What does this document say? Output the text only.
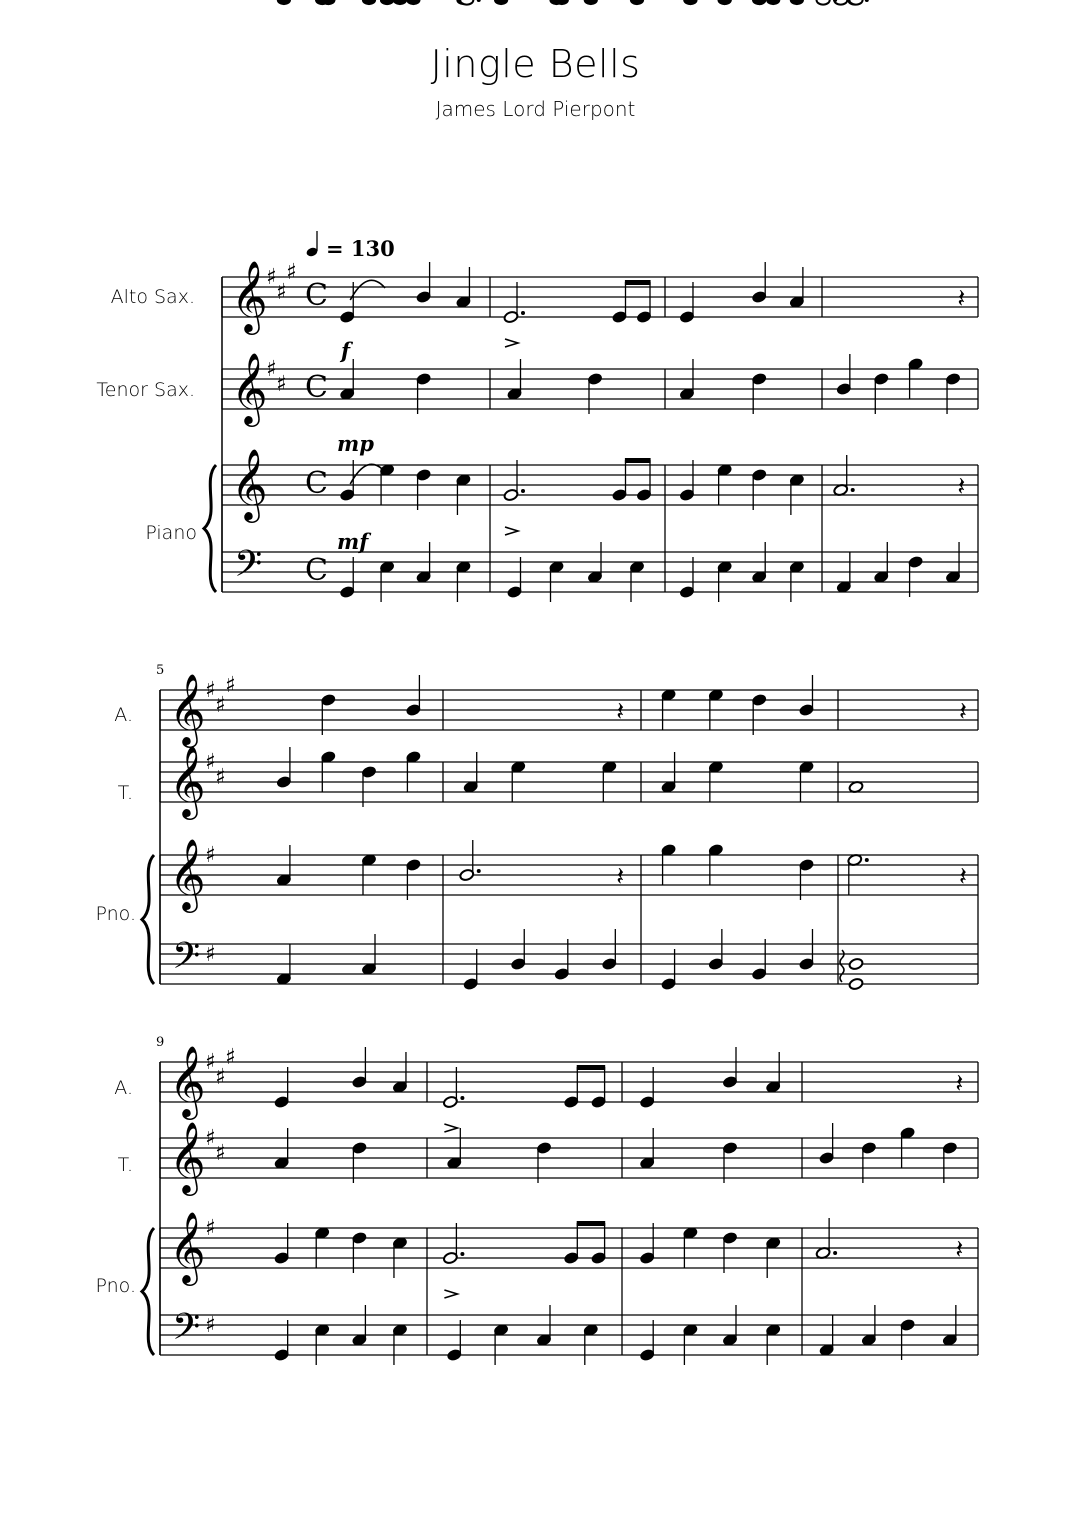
Jingle Bells
James Lord Pierpont
𝄞
♯
♯
♯
C
𝄞
♯
♯ C
𝄞 C
𝄢 C
Alto Sax.
Tenor Sax.
Piano
𝄽
𝄽
= 130
f
mp
mf
𝄞 ♯
♯
♯
𝄞 ♯
♯
𝄞 ♯
𝄢 ♯
A.
T.
Pno.
5
𝄽
𝄽
𝄽
𝄽
𝄞 ♯
♯
♯
𝄞 ♯
♯
𝄞 ♯
𝄢 ♯
A.
T.
Pno.
9
𝄽
𝄽
